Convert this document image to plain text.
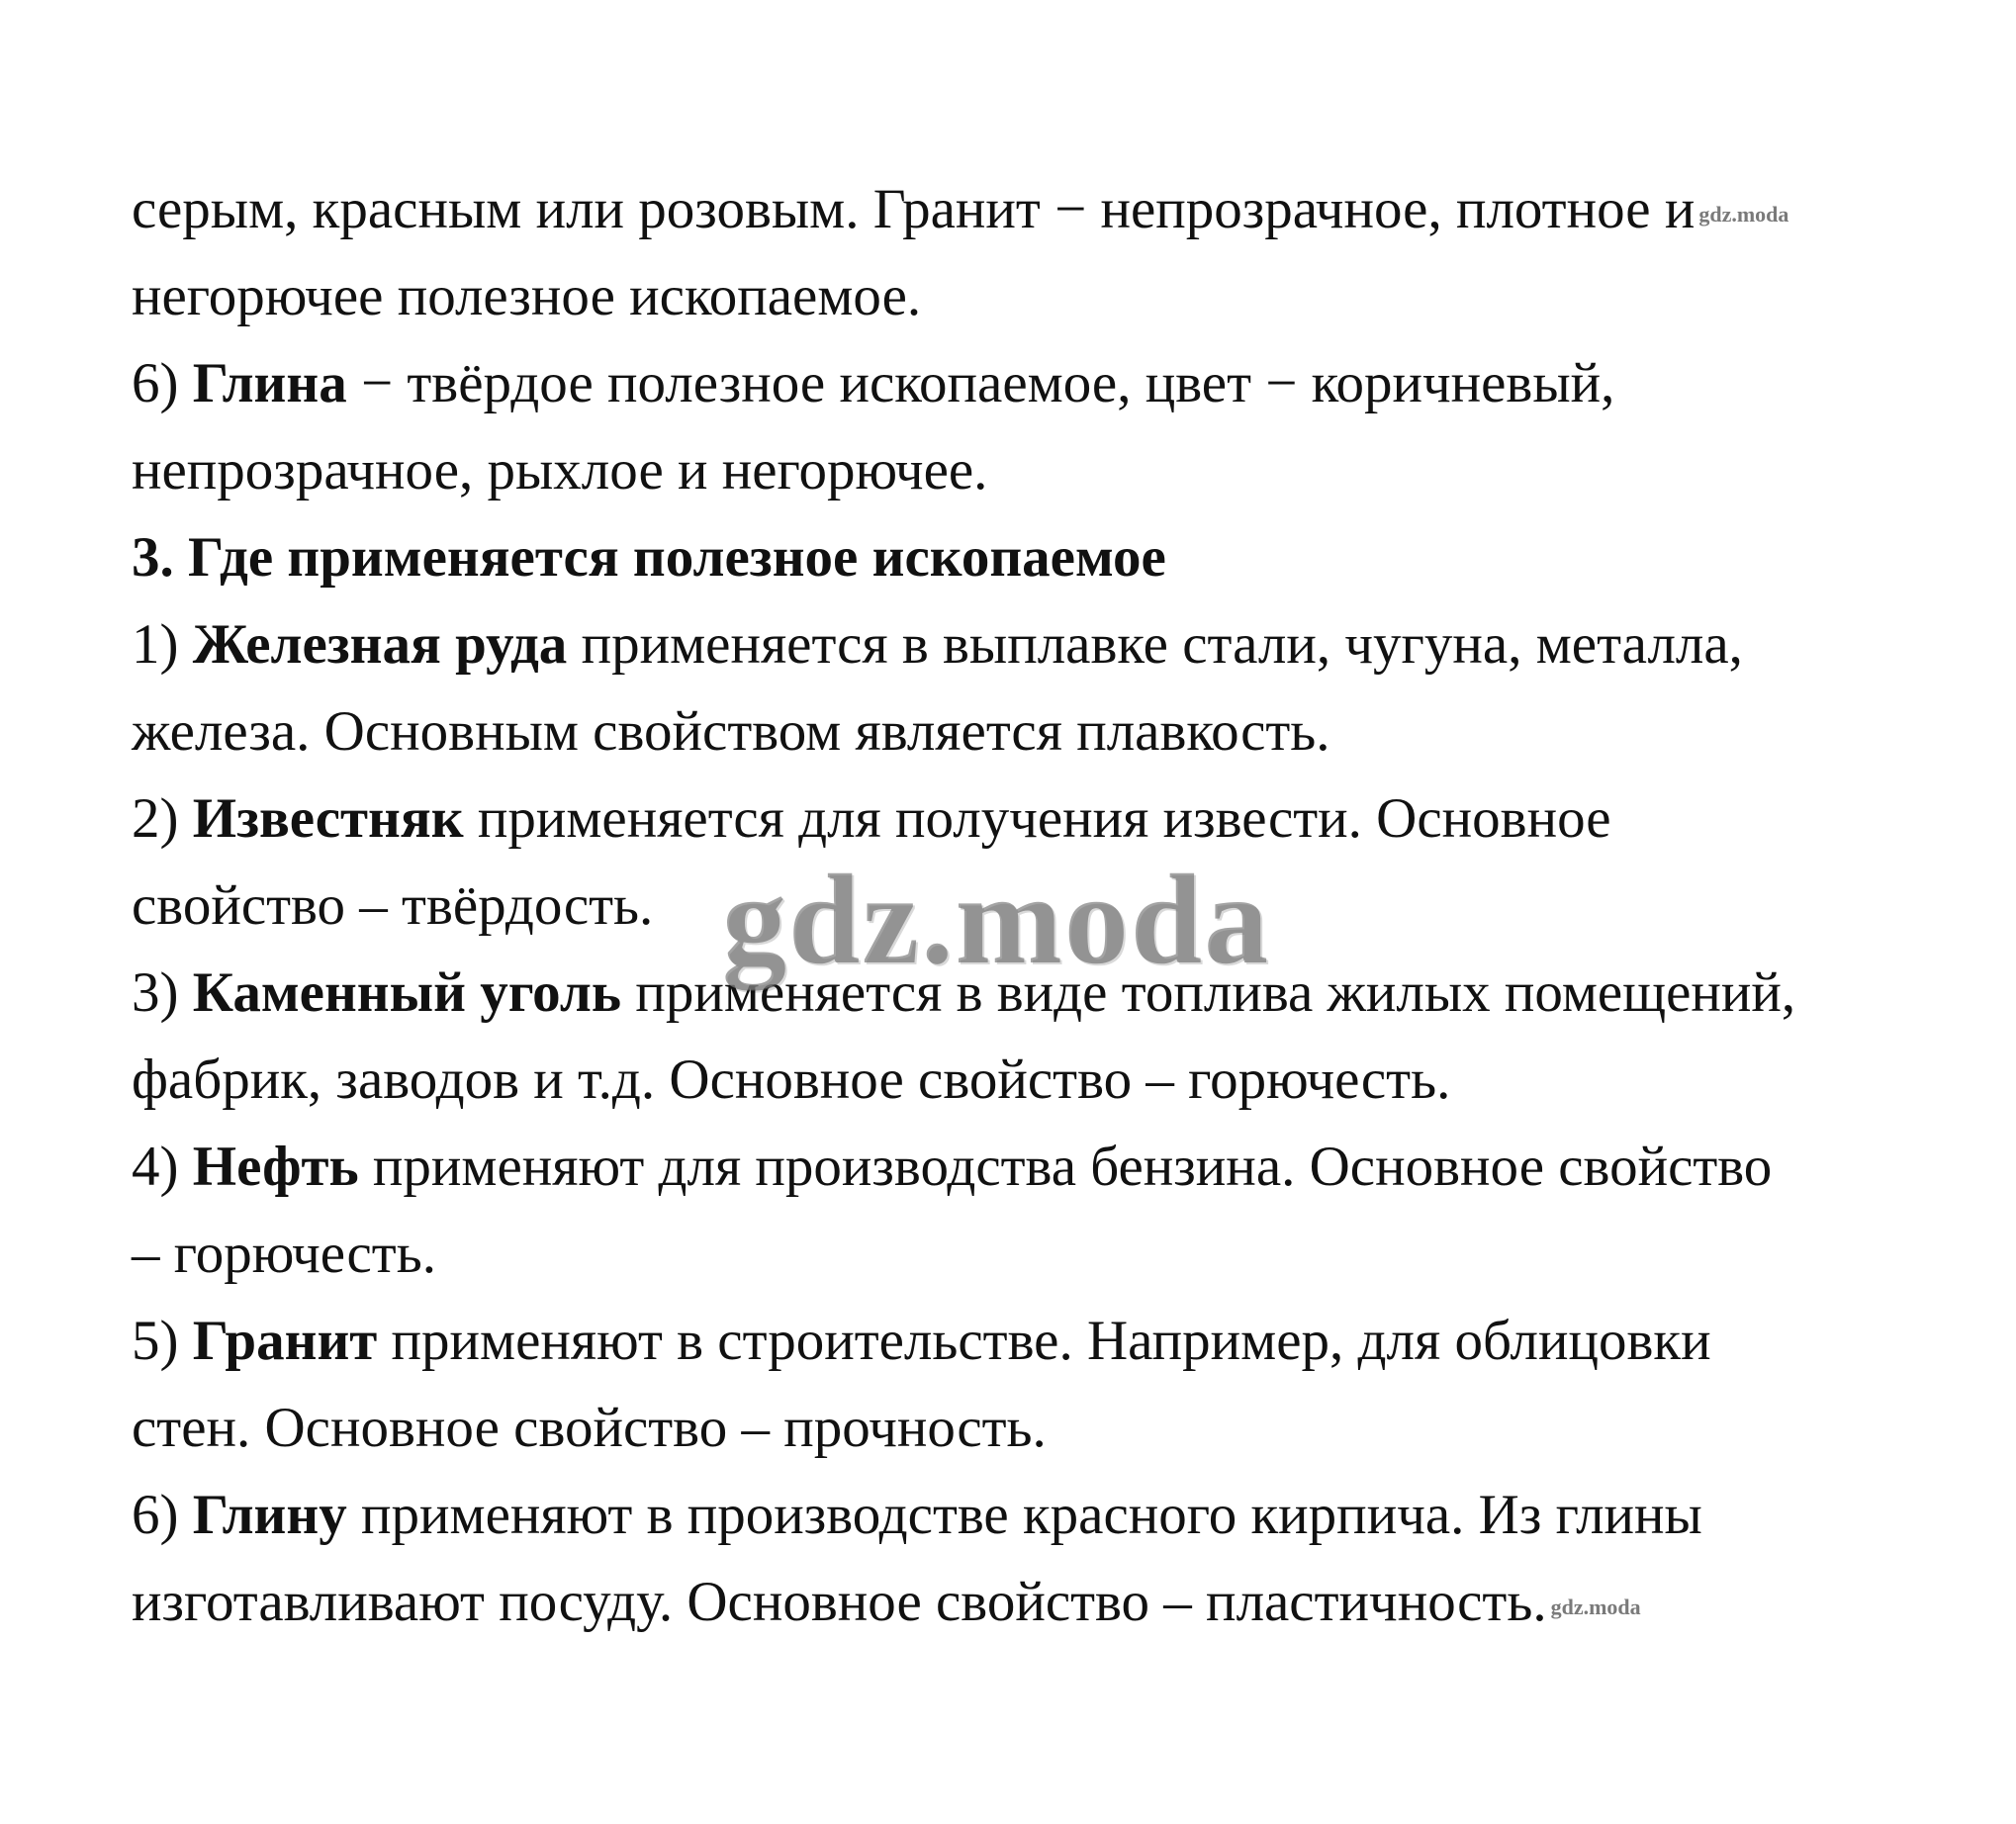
серым, красным или розовым. Гранит − непрозрачное, плотное и gdz.moda
негорючее полезное ископаемое.
6) Глина − твёрдое полезное ископаемое, цвет − коричневый,
непрозрачное, рыхлое и негорючее.
3. Где применяется полезное ископаемое
1) Железная руда применяется в выплавке стали, чугуна, металла,
железа. Основным свойством является плавкость.
2) Известняк применяется для получения извести. Основное
свойство – твёрдость.
3) Каменный уголь применяется в виде топлива жилых помещений,
фабрик, заводов и т.д. Основное свойство – горючесть.
4) Нефть применяют для производства бензина. Основное свойство
– горючесть.
5) Гранит применяют в строительстве. Например, для облицовки
стен. Основное свойство – прочность.
6) Глину применяют в производстве красного кирпича. Из глины
изготавливают посуду. Основное свойство – пластичность. gdz.moda
gdz.moda
